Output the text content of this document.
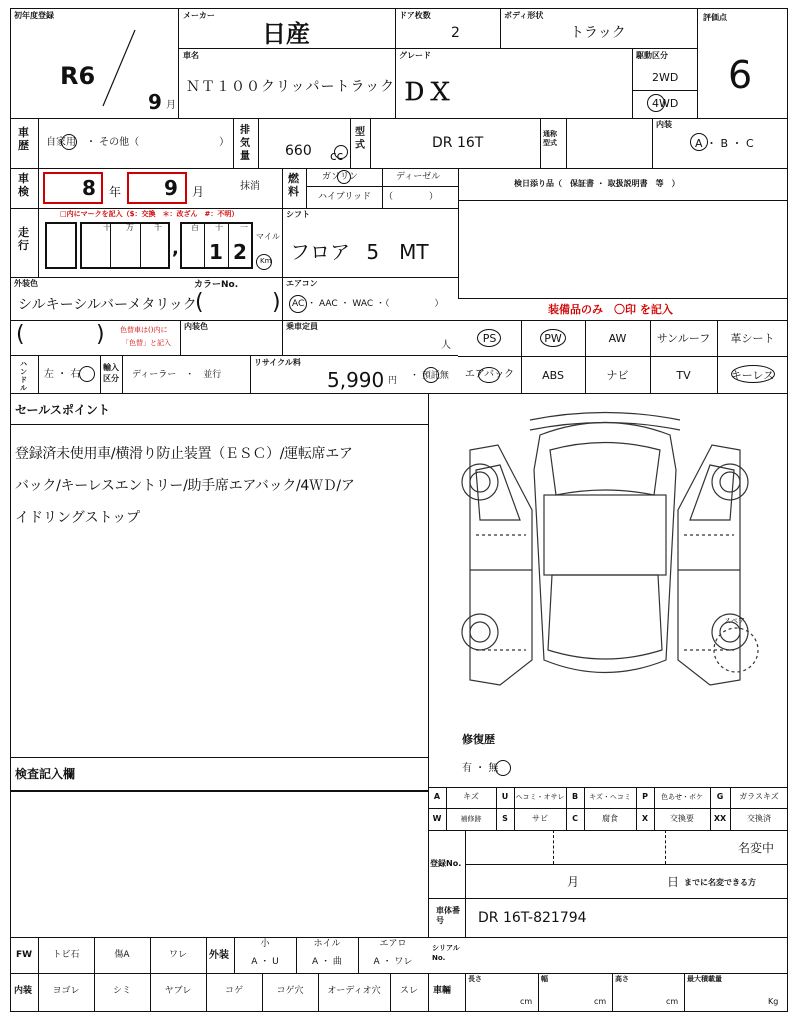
初年度登録
R6
9 月
メーカー
日産
ドア枚数
2
ボディ形状
トラック
評価点
6
車名
ＮＴ１００クリッパートラック
グレード
ＤＸ
駆動区分
2WD
4WD
車歴 自家用　・ その他（　　　　　　　　）
排気量	660 cc
型式	DR 16T
通称型式
内装
A ・ B ・ C
車検	8 年 9 月	抹消
燃料
ガソリン	ディーゼル
ハイブリッド （　　　　）
検日添り品（　保証書 ・ 取扱説明書　等　）
走行
□内にマークを記入（$：交換　＊：改ざん　#：不明）
,
十 万	千	百 十 一
1 2
マイル
Km
シフト
フロア 5　MT
外装色
シルキーシルバーメタリック
カラーNo.
(	)
エアコン
AC ・ AAC ・ WAC ・（　　　　　）
(	) 色替車は()内に
「色替」と記入
内装色	乗車定員
人
装備品のみ　〇印 を記入
PS	PW	AW	サンルーフ	革シート
エアバック	ABS	ナビ	TV	キーレス
ハンドル
左 ・ 右
輸入区分 ディーラー　・　並行
リサイクル料
5,990 円 ・ 預託無
セールスポイント
登録済未使用車/横滑り防止装置（ＥＳＣ）/運転席エア
バック/キーレスエントリー/助手席エアバック/4ＷＤ/ア
イドリングストップ
スペア
修復歴
有 ・ 無
検査記入欄
A	キズ	U	ヘコミ・オサレ B	キズ・ヘコミ	P	色あせ・ボケ	G	ガラスキズ
W	補修跡	S	サビ	C	腐食	X	交換要	XX	交換済
登録No.
名変中
月	日 までに名変できる方
車体番号	DR 16T-821794
FW	トビ石	傷A	ワレ	外装
小
A ・ U
ホイル
A ・ 曲
エアロ
A ・ ワレ
シリアルNo.
内装	ヨゴレ	シミ	ヤブレ	コゲ	コゲ穴	オーディオ穴	スレ	車輛
長さ
cm
幅
cm
高さ
cm
最大積載量
Kg
